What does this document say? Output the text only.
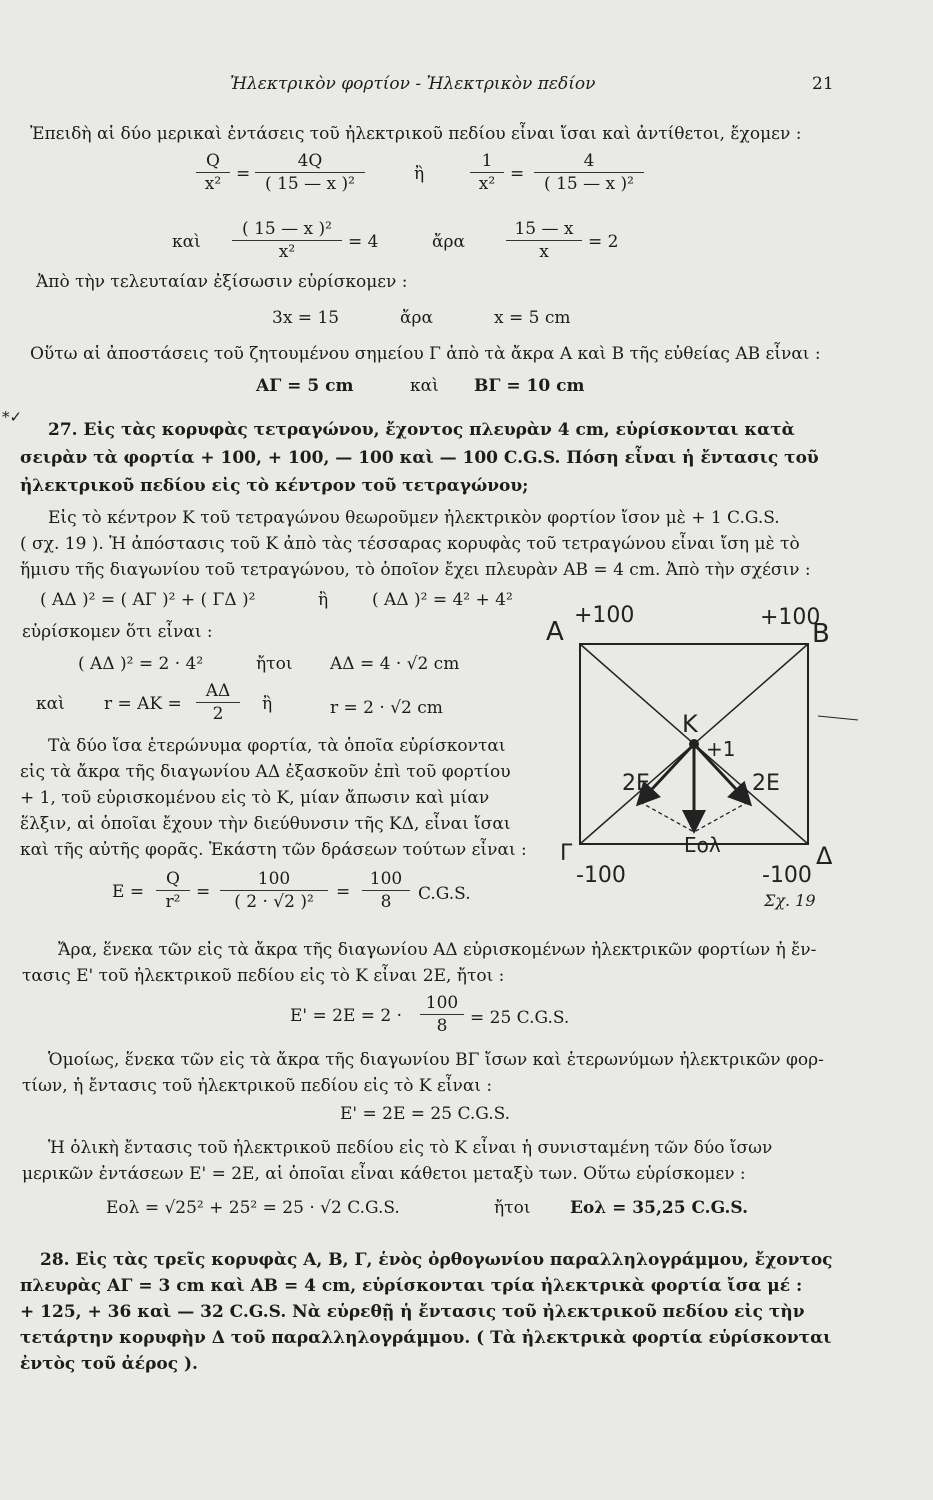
Ἠλεκτρικὸν φορτίον - Ἠλεκτρικὸν πεδίον	21
Ἐπειδὴ αἱ δύο μερικαὶ ἐντάσεις τοῦ ἠλεκτρικοῦ πεδίου εἶναι ἴσαι καὶ ἀντίθετοι, ἔχομεν :
$\frac{Q}{\text{x²}} = \frac{4Q}{\text{( 15 — x )²}}$	ἢ	$\frac{1}{\text{x²}} = \frac{4}{\text{( 15 — x )²}}$
καὶ $\frac{\text{( 15 — x )²}}{\text{x²}} = 4$	ἄρα $\frac{15 — x}{x} = 2$
Ἀπὸ τὴν τελευταίαν ἐξίσωσιν εὑρίσκομεν :
3x = 15	ἄρα	x = 5 cm
Οὕτω αἱ ἀποστάσεις τοῦ ζητουμένου σημείου Γ ἀπὸ τὰ ἄκρα Α καὶ Β τῆς εὐθείας ΑΒ εἶναι :
ΑΓ = 5 cm	καὶ ΒΓ = 10 cm
*✓
27. Εἰς τὰς κορυφὰς τετραγώνου, ἔχοντος πλευρὰν 4 cm, εὑρίσκονται κατὰ
σειρὰν τὰ φορτία + 100, + 100, — 100 καὶ — 100 C.G.S. Πόση εἶναι ἡ ἔντασις τοῦ
ἠλεκτρικοῦ πεδίου εἰς τὸ κέντρον τοῦ τετραγώνου;
Εἰς τὸ κέντρον Κ τοῦ τετραγώνου θεωροῦμεν ἠλεκτρικὸν φορτίον ἴσον μὲ + 1 C.G.S.
( σχ. 19 ). Ἡ ἀπόστασις τοῦ Κ ἀπὸ τὰς τέσσαρας κορυφὰς τοῦ τετραγώνου εἶναι ἴση μὲ τὸ
ἥμισυ τῆς διαγωνίου τοῦ τετραγώνου, τὸ ὁποῖον ἔχει πλευρὰν ΑΒ = 4 cm. Ἀπὸ τὴν σχέσιν :
( ΑΔ )² = ( ΑΓ )² + ( ΓΔ )²	ἢ	( ΑΔ )² = 4² + 4²
εὑρίσκομεν ὅτι εἶναι :
( ΑΔ )² = 2 · 4²	ἤτοι ΑΔ = 4 · √2 cm
καὶ $r = AK = \frac{A\Delta}{2}$ ἢ	r = 2 · √2 cm
Τὰ δύο ἴσα ἑτερώνυμα φορτία, τὰ ὁποῖα εὑρίσκονται
εἰς τὰ ἄκρα τῆς διαγωνίου ΑΔ ἐξασκοῦν ἐπὶ τοῦ φορτίου
+ 1, τοῦ εὑρισκομένου εἰς τὸ Κ, μίαν ἄπωσιν καὶ μίαν
ἕλξιν, αἱ ὁποῖαι ἔχουν τὴν διεύθυνσιν τῆς ΚΔ, εἶναι ἴσαι
καὶ τῆς αὐτῆς φορᾶς. Ἑκάστη τῶν δράσεων τούτων εἶναι :
$E = \frac{Q}{\text{r²}} = \frac{100}{\text{( 2 · √2 )²}} = \frac{100}{8} C.G.S$.
Ἄρα, ἕνεκα τῶν εἰς τὰ ἄκρα τῆς διαγωνίου ΑΔ εὑρισκομένων ἠλεκτρικῶν φορτίων ἡ ἔν-
τασις E' τοῦ ἠλεκτρικοῦ πεδίου εἰς τὸ Κ εἶναι 2E, ἤτοι :
$E' = 2E = 2 \cdot \frac{100}{8} = 25$ C.G.S.
Ὁμοίως, ἕνεκα τῶν εἰς τὰ ἄκρα τῆς διαγωνίου ΒΓ ἴσων καὶ ἑτερωνύμων ἠλεκτρικῶν φορ-
τίων, ἡ ἔντασις τοῦ ἠλεκτρικοῦ πεδίου εἰς τὸ Κ εἶναι :
E' = 2E = 25 C.G.S.
Ἡ ὁλικὴ ἔντασις τοῦ ἠλεκτρικοῦ πεδίου εἰς τὸ Κ εἶναι ἡ συνισταμένη τῶν δύο ἴσων
μερικῶν ἐντάσεων E' = 2E, αἱ ὁποῖαι εἶναι κάθετοι μεταξὺ των. Οὕτω εὑρίσκομεν :
Eολ = √25² + 25² = 25 · √2 C.G.S.	ἤτοι Eολ = 35,25 C.G.S.
A	B
Γ	Δ
+100	+100
-100	-100
K
+1
2E	2E
Eολ
Σχ. 19
28. Εἰς τὰς τρεῖς κορυφὰς Α, Β, Γ, ἑνὸς ὀρθογωνίου παραλληλογράμμου, ἔχοντος
πλευρὰς ΑΓ = 3 cm καὶ ΑΒ = 4 cm, εὑρίσκονται τρία ἠλεκτρικὰ φορτία ἴσα μέ :
+ 125, + 36 καὶ — 32 C.G.S. Νὰ εὑρεθῇ ἡ ἔντασις τοῦ ἠλεκτρικοῦ πεδίου εἰς τὴν
τετάρτην κορυφὴν Δ τοῦ παραλληλογράμμου. ( Τὰ ἠλεκτρικὰ φορτία εὑρίσκονται
ἐντὸς τοῦ ἀέρος ).
